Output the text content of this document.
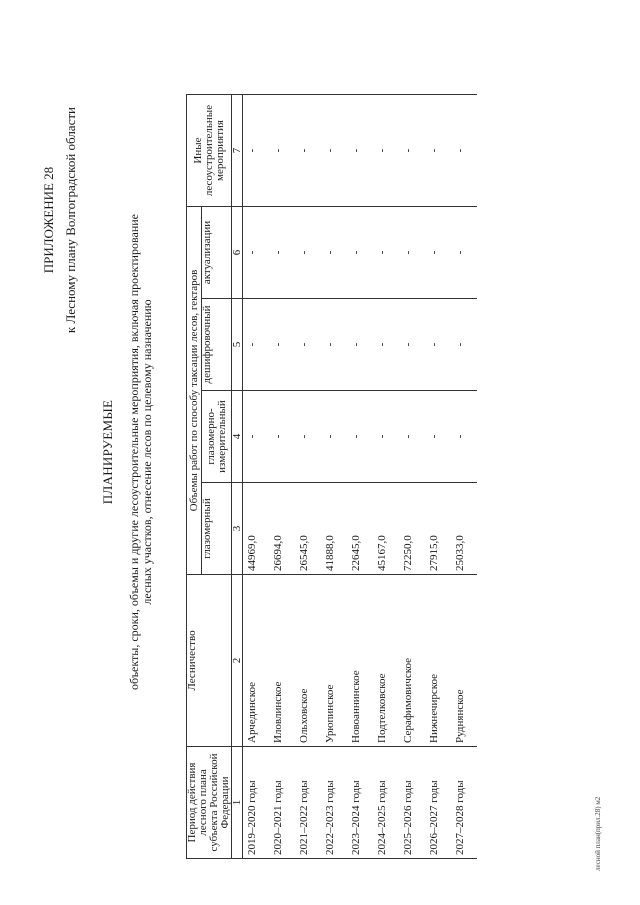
ПРИЛОЖЕНИЕ 28 к Лесному плану Волгоградской области
ПЛАНИРУЕМЫЕ объекты, сроки, объемы и другие лесоустроительные мероприятия, включая проектирование лесных участков, отнесение лесов по целевому назначению
Период действия лесного плана субъекта Российской Федерации	Лесничество	Объемы работ по способу таксации лесов, гектаров				Иные лесоустроительные мероприятия
		глазомерный	глазомерно-измерительный	дешифровочный	актуализации	
1	2	3	4	5	6	7
2019–2020 годы	Арчединское	44969,0	-	-	-	-
2020–2021 годы	Иловлинское	26694,0	-	-	-	-
2021–2022 годы	Ольховское	26545,0	-	-	-	-
2022–2023 годы	Урюпинское	41888,0	-	-	-	-
2023–2024 годы	Новоаннинское	22645,0	-	-	-	-
2024–2025 годы	Подтелковское	45167,0	-	-	-	-
2025–2026 годы	Серафимовичское	72250,0	-	-	-	-
2026–2027 годы	Нижнечирское	27915,0	-	-	-	-
2027–2028 годы	Руднянское	25033,0	-	-	-	-
лесной план(прил.28) м2
